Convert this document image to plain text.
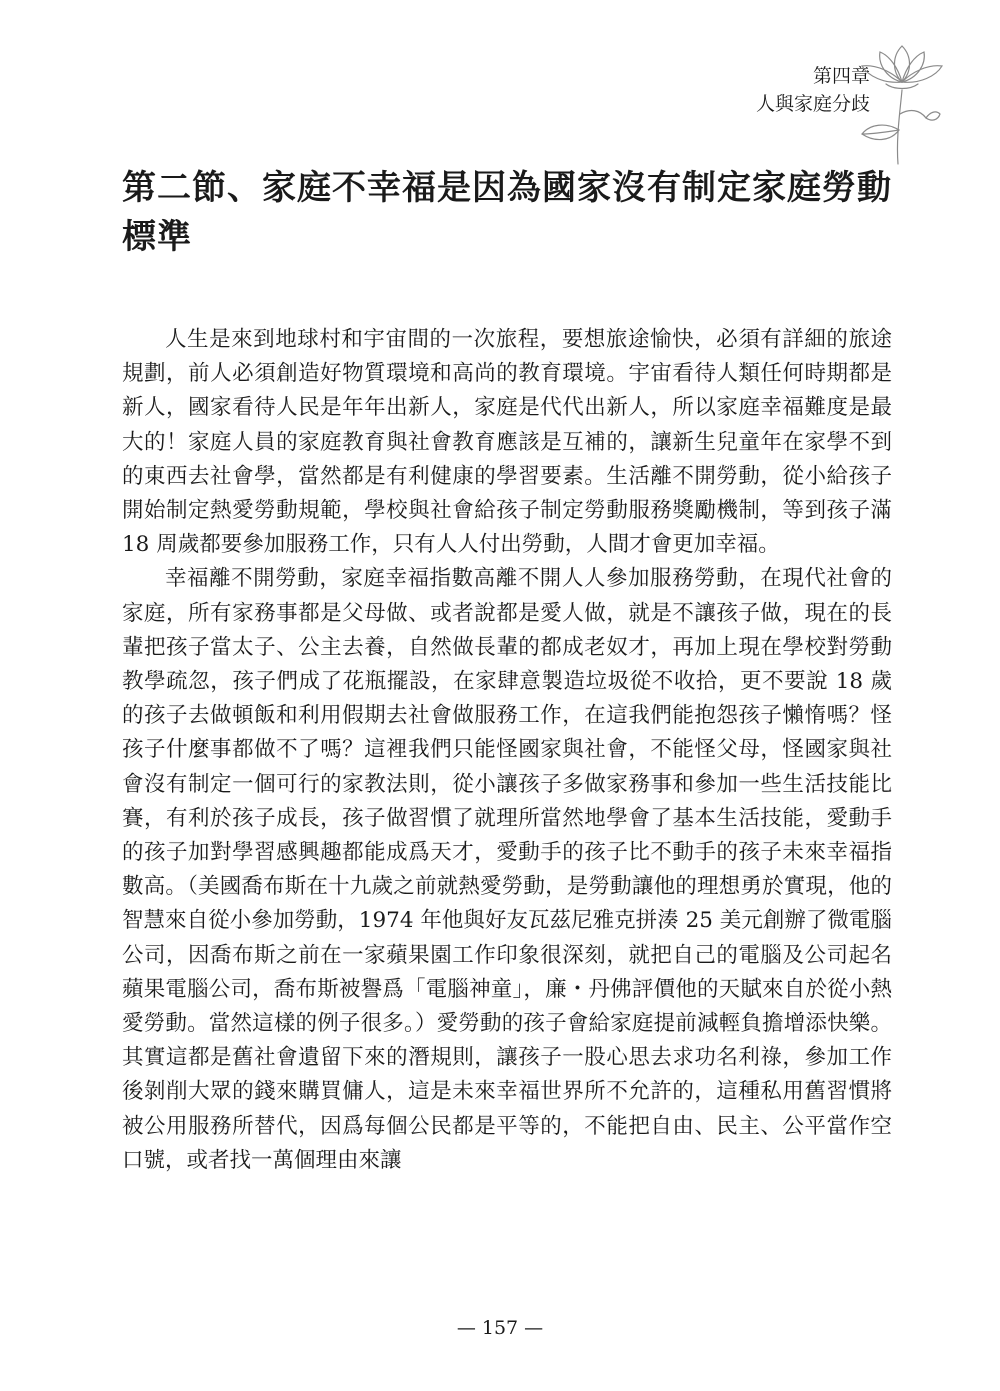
第四章
人與家庭分歧
第二節、家庭不幸福是因為國家沒有制定家庭勞動標準

人生是來到地球村和宇宙間的一次旅程，要想旅途愉快，必須有詳細的旅途規劃，前人必須創造好物質環境和高尚的教育環境。宇宙看待人類任何時期都是新人，國家看待人民是年年出新人，家庭是代代出新人，所以家庭幸福難度是最大的！家庭人員的家庭教育與社會教育應該是互補的，讓新生兒童年在家學不到的東西去社會學，當然都是有利健康的學習要素。生活離不開勞動，從小給孩子開始制定熱愛勞動規範，學校與社會給孩子制定勞動服務獎勵機制，等到孩子滿 18 周歲都要參加服務工作，只有人人付出勞動，人間才會更加幸福。

幸福離不開勞動，家庭幸福指數高離不開人人參加服務勞動，在現代社會的家庭，所有家務事都是父母做、或者說都是愛人做，就是不讓孩子做，現在的長輩把孩子當太子、公主去養，自然做長輩的都成老奴才，再加上現在學校對勞動教學疏忽，孩子們成了花瓶擺設，在家肆意製造垃圾從不收拾，更不要說 18 歲的孩子去做頓飯和利用假期去社會做服務工作，在這我們能抱怨孩子懶惰嗎？怪孩子什麼事都做不了嗎？這裡我們只能怪國家與社會，不能怪父母，怪國家與社會沒有制定一個可行的家教法則，從小讓孩子多做家務事和參加一些生活技能比賽，有利於孩子成長，孩子做習慣了就理所當然地學會了基本生活技能，愛動手的孩子加對學習感興趣都能成爲天才，愛動手的孩子比不動手的孩子未來幸福指數高。（美國喬布斯在十九歲之前就熱愛勞動，是勞動讓他的理想勇於實現，他的智慧來自從小參加勞動，1974 年他與好友瓦茲尼雅克拼湊 25 美元創辦了微電腦公司，因喬布斯之前在一家蘋果園工作印象很深刻，就把自己的電腦及公司起名蘋果電腦公司，喬布斯被譽爲「電腦神童」，廉・丹佛評價他的天賦來自於從小熱愛勞動。當然這樣的例子很多。）愛勞動的孩子會給家庭提前減輕負擔增添快樂。其實這都是舊社會遺留下來的潛規則，讓孩子一股心思去求功名利祿，參加工作後剝削大眾的錢來購買傭人，這是未來幸福世界所不允許的，這種私用舊習慣將被公用服務所替代，因爲每個公民都是平等的，不能把自由、民主、公平當作空口號，或者找一萬個理由來讓

— 157 —
